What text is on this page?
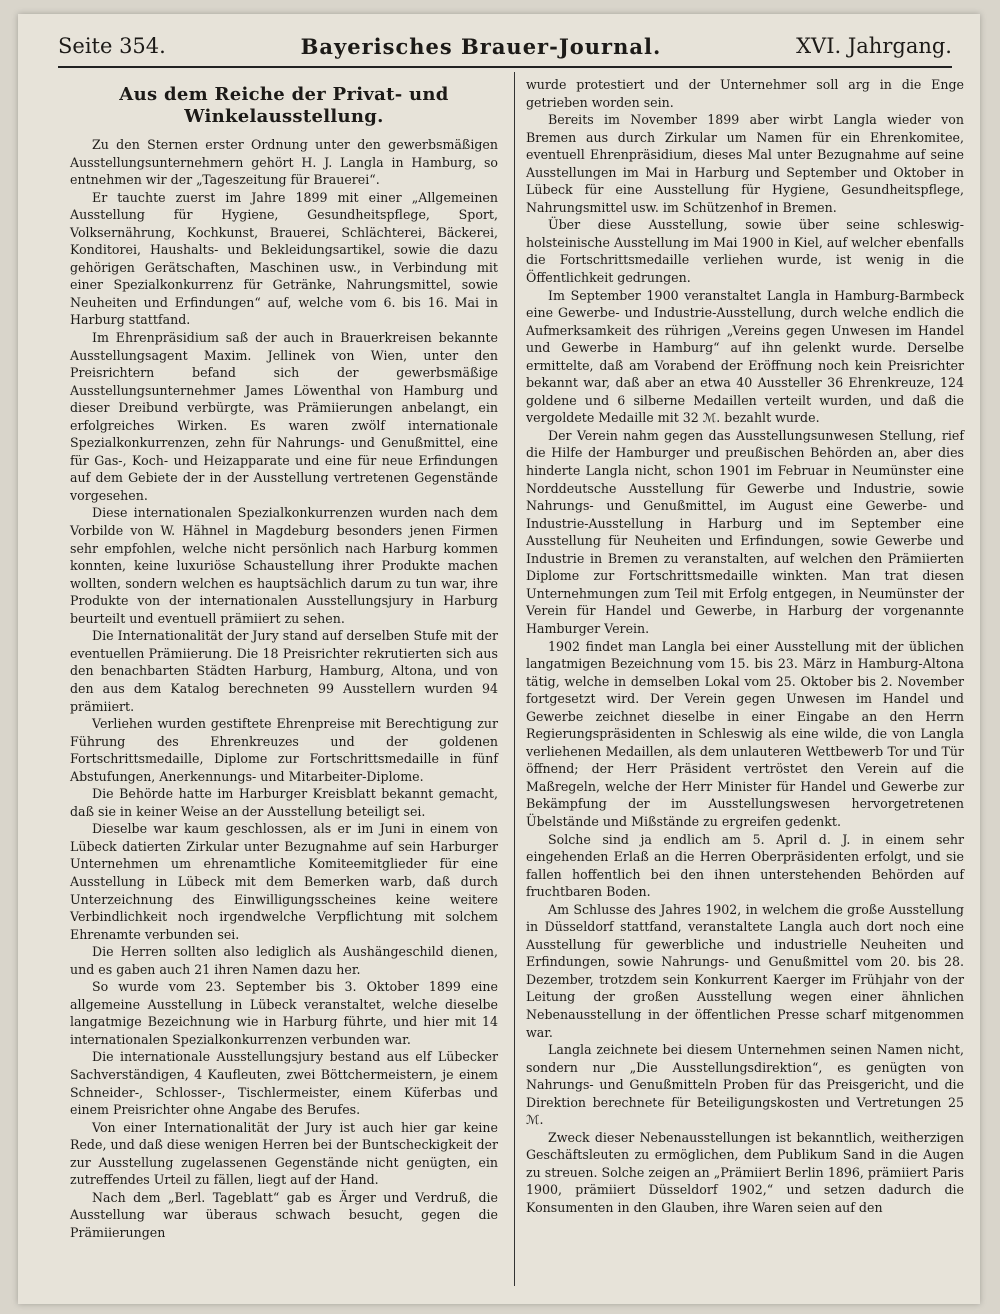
Seite 354.	Bayerisches Brauer-Journal.	XVI. Jahrgang.
Aus dem Reiche der Privat- und Winkelausstellung.

Zu den Sternen erster Ordnung unter den gewerbsmäßigen Ausstellungsunternehmern gehört H. J. Langla in Hamburg, so entnehmen wir der „Tageszeitung für Brauerei“.

Er tauchte zuerst im Jahre 1899 mit einer „Allgemeinen Ausstellung für Hygiene, Gesundheitspflege, Sport, Volksernährung, Kochkunst, Brauerei, Schlächterei, Bäckerei, Konditorei, Haushalts- und Bekleidungsartikel, sowie die dazu gehörigen Gerätschaften, Maschinen usw., in Verbindung mit einer Spezialkonkurrenz für Getränke, Nahrungsmittel, sowie Neuheiten und Erfindungen“ auf, welche vom 6. bis 16. Mai in Harburg stattfand.

Im Ehrenpräsidium saß der auch in Brauerkreisen bekannte Ausstellungsagent Maxim. Jellinek von Wien, unter den Preisrichtern befand sich der gewerbsmäßige Ausstellungsunternehmer James Löwenthal von Hamburg und dieser Dreibund verbürgte, was Prämiierungen anbelangt, ein erfolgreiches Wirken. Es waren zwölf internationale Spezialkonkurrenzen, zehn für Nahrungs- und Genußmittel, eine für Gas-, Koch- und Heizapparate und eine für neue Erfindungen auf dem Gebiete der in der Ausstellung vertretenen Gegenstände vorgesehen.

Diese internationalen Spezialkonkurrenzen wurden nach dem Vorbilde von W. Hähnel in Magdeburg besonders jenen Firmen sehr empfohlen, welche nicht persönlich nach Harburg kommen konnten, keine luxuriöse Schaustellung ihrer Produkte machen wollten, sondern welchen es hauptsächlich darum zu tun war, ihre Produkte von der internationalen Ausstellungsjury in Harburg beurteilt und eventuell prämiiert zu sehen.

Die Internationalität der Jury stand auf derselben Stufe mit der eventuellen Prämiierung. Die 18 Preisrichter rekrutierten sich aus den benachbarten Städten Harburg, Hamburg, Altona, und von den aus dem Katalog berechneten 99 Ausstellern wurden 94 prämiiert.

Verliehen wurden gestiftete Ehrenpreise mit Berechtigung zur Führung des Ehrenkreuzes und der goldenen Fortschrittsmedaille, Diplome zur Fortschrittsmedaille in fünf Abstufungen, Anerkennungs- und Mitarbeiter-Diplome.

Die Behörde hatte im Harburger Kreisblatt bekannt gemacht, daß sie in keiner Weise an der Ausstellung beteiligt sei.

Dieselbe war kaum geschlossen, als er im Juni in einem von Lübeck datierten Zirkular unter Bezugnahme auf sein Harburger Unternehmen um ehrenamtliche Komiteemitglieder für eine Ausstellung in Lübeck mit dem Bemerken warb, daß durch Unterzeichnung des Einwilligungsscheines keine weitere Verbindlichkeit noch irgendwelche Verpflichtung mit solchem Ehrenamte verbunden sei.

Die Herren sollten also lediglich als Aushängeschild dienen, und es gaben auch 21 ihren Namen dazu her.

So wurde vom 23. September bis 3. Oktober 1899 eine allgemeine Ausstellung in Lübeck veranstaltet, welche dieselbe langatmige Bezeichnung wie in Harburg führte, und hier mit 14 internationalen Spezialkonkurrenzen verbunden war.

Die internationale Ausstellungsjury bestand aus elf Lübecker Sachverständigen, 4 Kaufleuten, zwei Böttchermeistern, je einem Schneider-, Schlosser-, Tischlermeister, einem Küferbas und einem Preisrichter ohne Angabe des Berufes.

Von einer Internationalität der Jury ist auch hier gar keine Rede, und daß diese wenigen Herren bei der Buntscheckigkeit der zur Ausstellung zugelassenen Gegenstände nicht genügten, ein zutreffendes Urteil zu fällen, liegt auf der Hand.

Nach dem „Berl. Tageblatt“ gab es Ärger und Verdruß, die Ausstellung war überaus schwach besucht, gegen die Prämiierungen

wurde protestiert und der Unternehmer soll arg in die Enge getrieben worden sein.

Bereits im November 1899 aber wirbt Langla wieder von Bremen aus durch Zirkular um Namen für ein Ehrenkomitee, eventuell Ehrenpräsidium, dieses Mal unter Bezugnahme auf seine Ausstellungen im Mai in Harburg und September und Oktober in Lübeck für eine Ausstellung für Hygiene, Gesundheitspflege, Nahrungsmittel usw. im Schützenhof in Bremen.

Über diese Ausstellung, sowie über seine schleswig-holsteinische Ausstellung im Mai 1900 in Kiel, auf welcher ebenfalls die Fortschrittsmedaille verliehen wurde, ist wenig in die Öffentlichkeit gedrungen.

Im September 1900 veranstaltet Langla in Hamburg-Barmbeck eine Gewerbe- und Industrie-Ausstellung, durch welche endlich die Aufmerksamkeit des rührigen „Vereins gegen Unwesen im Handel und Gewerbe in Hamburg“ auf ihn gelenkt wurde. Derselbe ermittelte, daß am Vorabend der Eröffnung noch kein Preisrichter bekannt war, daß aber an etwa 40 Aussteller 36 Ehrenkreuze, 124 goldene und 6 silberne Medaillen verteilt wurden, und daß die vergoldete Medaille mit 32 ℳ. bezahlt wurde.

Der Verein nahm gegen das Ausstellungsunwesen Stellung, rief die Hilfe der Hamburger und preußischen Behörden an, aber dies hinderte Langla nicht, schon 1901 im Februar in Neumünster eine Norddeutsche Ausstellung für Gewerbe und Industrie, sowie Nahrungs- und Genußmittel, im August eine Gewerbe- und Industrie-Ausstellung in Harburg und im September eine Ausstellung für Neuheiten und Erfindungen, sowie Gewerbe und Industrie in Bremen zu veranstalten, auf welchen den Prämiierten Diplome zur Fortschrittsmedaille winkten. Man trat diesen Unternehmungen zum Teil mit Erfolg entgegen, in Neumünster der Verein für Handel und Gewerbe, in Harburg der vorgenannte Hamburger Verein.

1902 findet man Langla bei einer Ausstellung mit der üblichen langatmigen Bezeichnung vom 15. bis 23. März in Hamburg-Altona tätig, welche in demselben Lokal vom 25. Oktober bis 2. November fortgesetzt wird. Der Verein gegen Unwesen im Handel und Gewerbe zeichnet dieselbe in einer Eingabe an den Herrn Regierungspräsidenten in Schleswig als eine wilde, die von Langla verliehenen Medaillen, als dem unlauteren Wettbewerb Tor und Tür öffnend; der Herr Präsident vertröstet den Verein auf die Maßregeln, welche der Herr Minister für Handel und Gewerbe zur Bekämpfung der im Ausstellungswesen hervorgetretenen Übelstände und Mißstände zu ergreifen gedenkt.

Solche sind ja endlich am 5. April d. J. in einem sehr eingehenden Erlaß an die Herren Oberpräsidenten erfolgt, und sie fallen hoffentlich bei den ihnen unterstehenden Behörden auf fruchtbaren Boden.

Am Schlusse des Jahres 1902, in welchem die große Ausstellung in Düsseldorf stattfand, veranstaltete Langla auch dort noch eine Ausstellung für gewerbliche und industrielle Neuheiten und Erfindungen, sowie Nahrungs- und Genußmittel vom 20. bis 28. Dezember, trotzdem sein Konkurrent Kaerger im Frühjahr von der Leitung der großen Ausstellung wegen einer ähnlichen Nebenausstellung in der öffentlichen Presse scharf mitgenommen war.

Langla zeichnete bei diesem Unternehmen seinen Namen nicht, sondern nur „Die Ausstellungsdirektion“, es genügten von Nahrungs- und Genußmitteln Proben für das Preisgericht, und die Direktion berechnete für Beteiligungskosten und Vertretungen 25 ℳ.

Zweck dieser Nebenausstellungen ist bekanntlich, weitherzigen Geschäftsleuten zu ermöglichen, dem Publikum Sand in die Augen zu streuen. Solche zeigen an „Prämiiert Berlin 1896, prämiiert Paris 1900, prämiiert Düsseldorf 1902,“ und setzen dadurch die Konsumenten in den Glauben, ihre Waren seien auf den
